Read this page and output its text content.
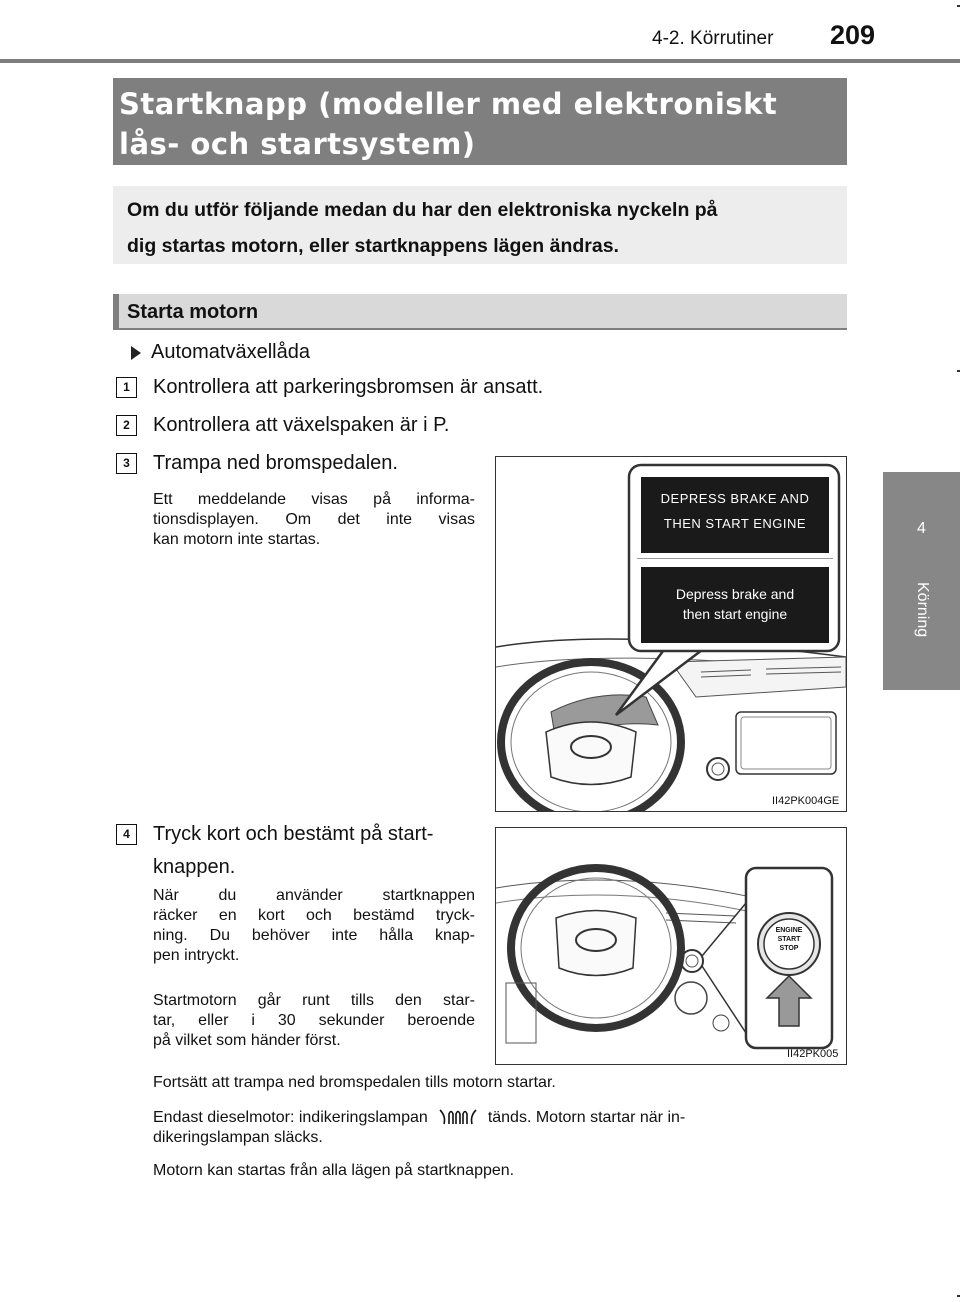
4-2. Körrutiner 209
4
Körning
Startknapp (modeller med elektroniskt
lås- och startsystem)
Om du utför följande medan du har den elektroniska nyckeln på
dig startas motorn, eller startknappens lägen ändras.
Starta motorn
Automatväxellåda
1	Kontrollera att parkeringsbromsen är ansatt.
2	Kontrollera att växelspaken är i P.
3	Trampa ned bromspedalen.
Ett meddelande visas på informa-
tionsdisplayen. Om det inte visas
kan motorn inte startas.
DEPRESS BRAKE AND
THEN START ENGINE
Depress brake and
then start engine
II42PK004GE
4	Tryck kort och bestämt på start-
knappen.
När du använder startknappen
räcker en kort och bestämd tryck-
ning. Du behöver inte hålla knap-
pen intryckt.
Startmotorn går runt tills den star-
tar, eller i 30 sekunder beroende
på vilket som händer först.
ENGINE
START
STOP
II42PK005
Fortsätt att trampa ned bromspedalen tills motorn startar.
Endast dieselmotor: indikeringslampan	tänds. Motorn startar när in-
dikeringslampan släcks.
Motorn kan startas från alla lägen på startknappen.
